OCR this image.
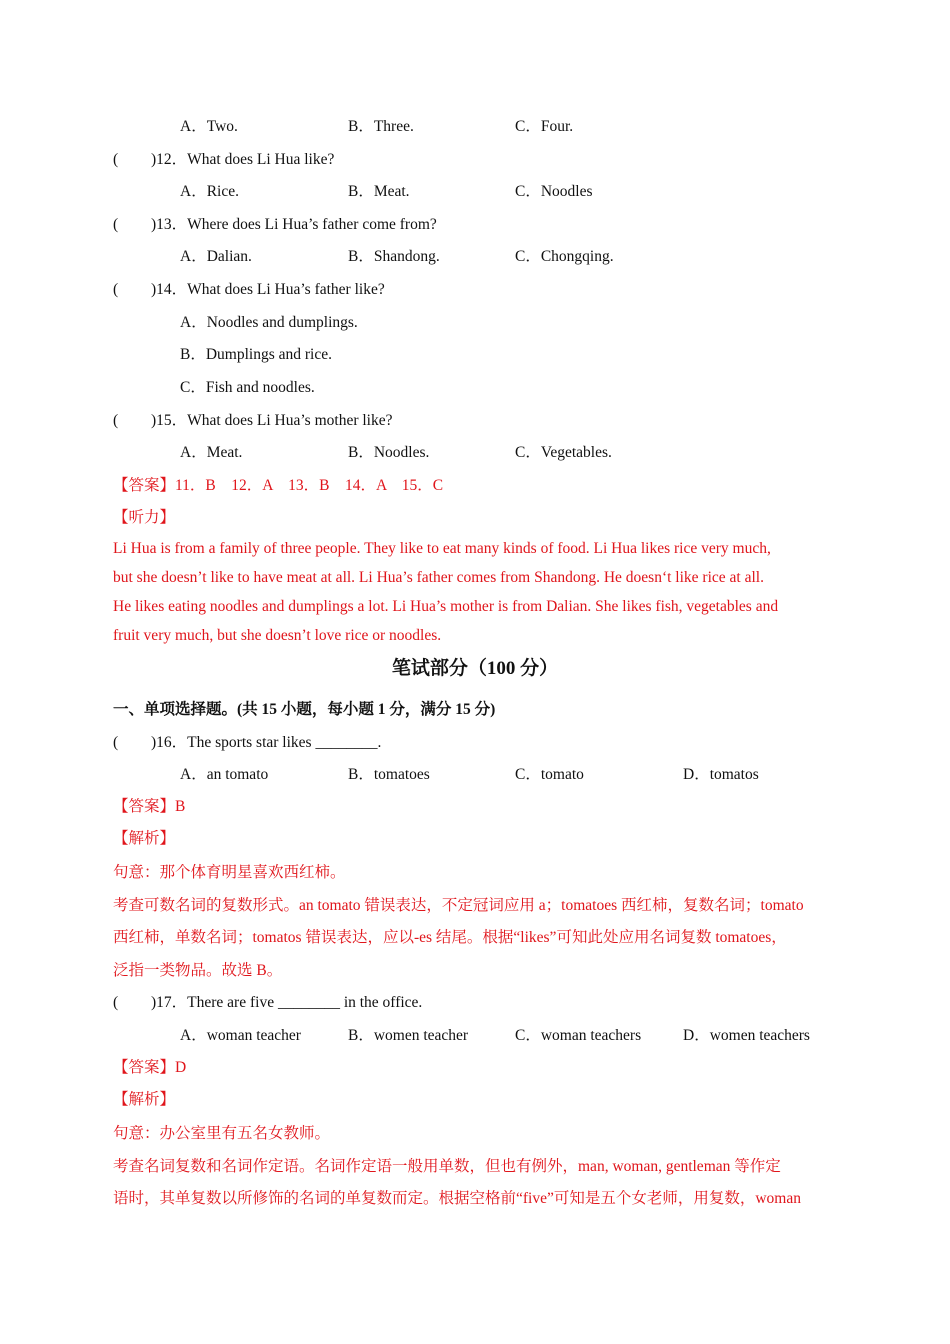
A．Two.	B．Three.	C．Four.
( )12．What does Li Hua like?
A．Rice.	B．Meat.	C．Noodles
( )13．Where does Li Hua’s father come from?
A．Dalian.	B．Shandong.	C．Chongqing.
( )14．What does Li Hua’s father like?
A．Noodles and dumplings.
B．Dumplings and rice.
C．Fish and noodles.
( )15．What does Li Hua’s mother like?
A．Meat.	B．Noodles.	C．Vegetables.
【答案】11．B　12．A　13．B　14．A　15．C
【听力】
Li Hua is from a family of three people. They like to eat many kinds of food. Li Hua likes rice very much,
but she doesn’t like to have meat at all. Li Hua’s father comes from Shandong. He doesn‘t like rice at all.
He likes eating noodles and dumplings a lot. Li Hua’s mother is from Dalian. She likes fish, vegetables and
fruit very much, but she doesn’t love rice or noodles.
笔试部分（100 分）
一、单项选择题。(共 15 小题，每小题 1 分，满分 15 分)
( )16．The sports star likes ________.
A．an tomato	B．tomatoes	C．tomato	D．tomatos
【答案】B
【解析】
句意：那个体育明星喜欢西红柿。
考查可数名词的复数形式。an tomato 错误表达，不定冠词应用 a；tomatoes 西红柿，复数名词；tomato
西红柿，单数名词；tomatos 错误表达，应以-es 结尾。根据“likes”可知此处应用名词复数 tomatoes，
泛指一类物品。故选 B。
( )17．There are five ________ in the office.
A．woman teacher	B．women teacher	C．woman teachers	D．women teachers
【答案】D
【解析】
句意：办公室里有五名女教师。
考查名词复数和名词作定语。名词作定语一般用单数，但也有例外，man, woman, gentleman 等作定
语时，其单复数以所修饰的名词的单复数而定。根据空格前“five”可知是五个女老师，用复数，woman
